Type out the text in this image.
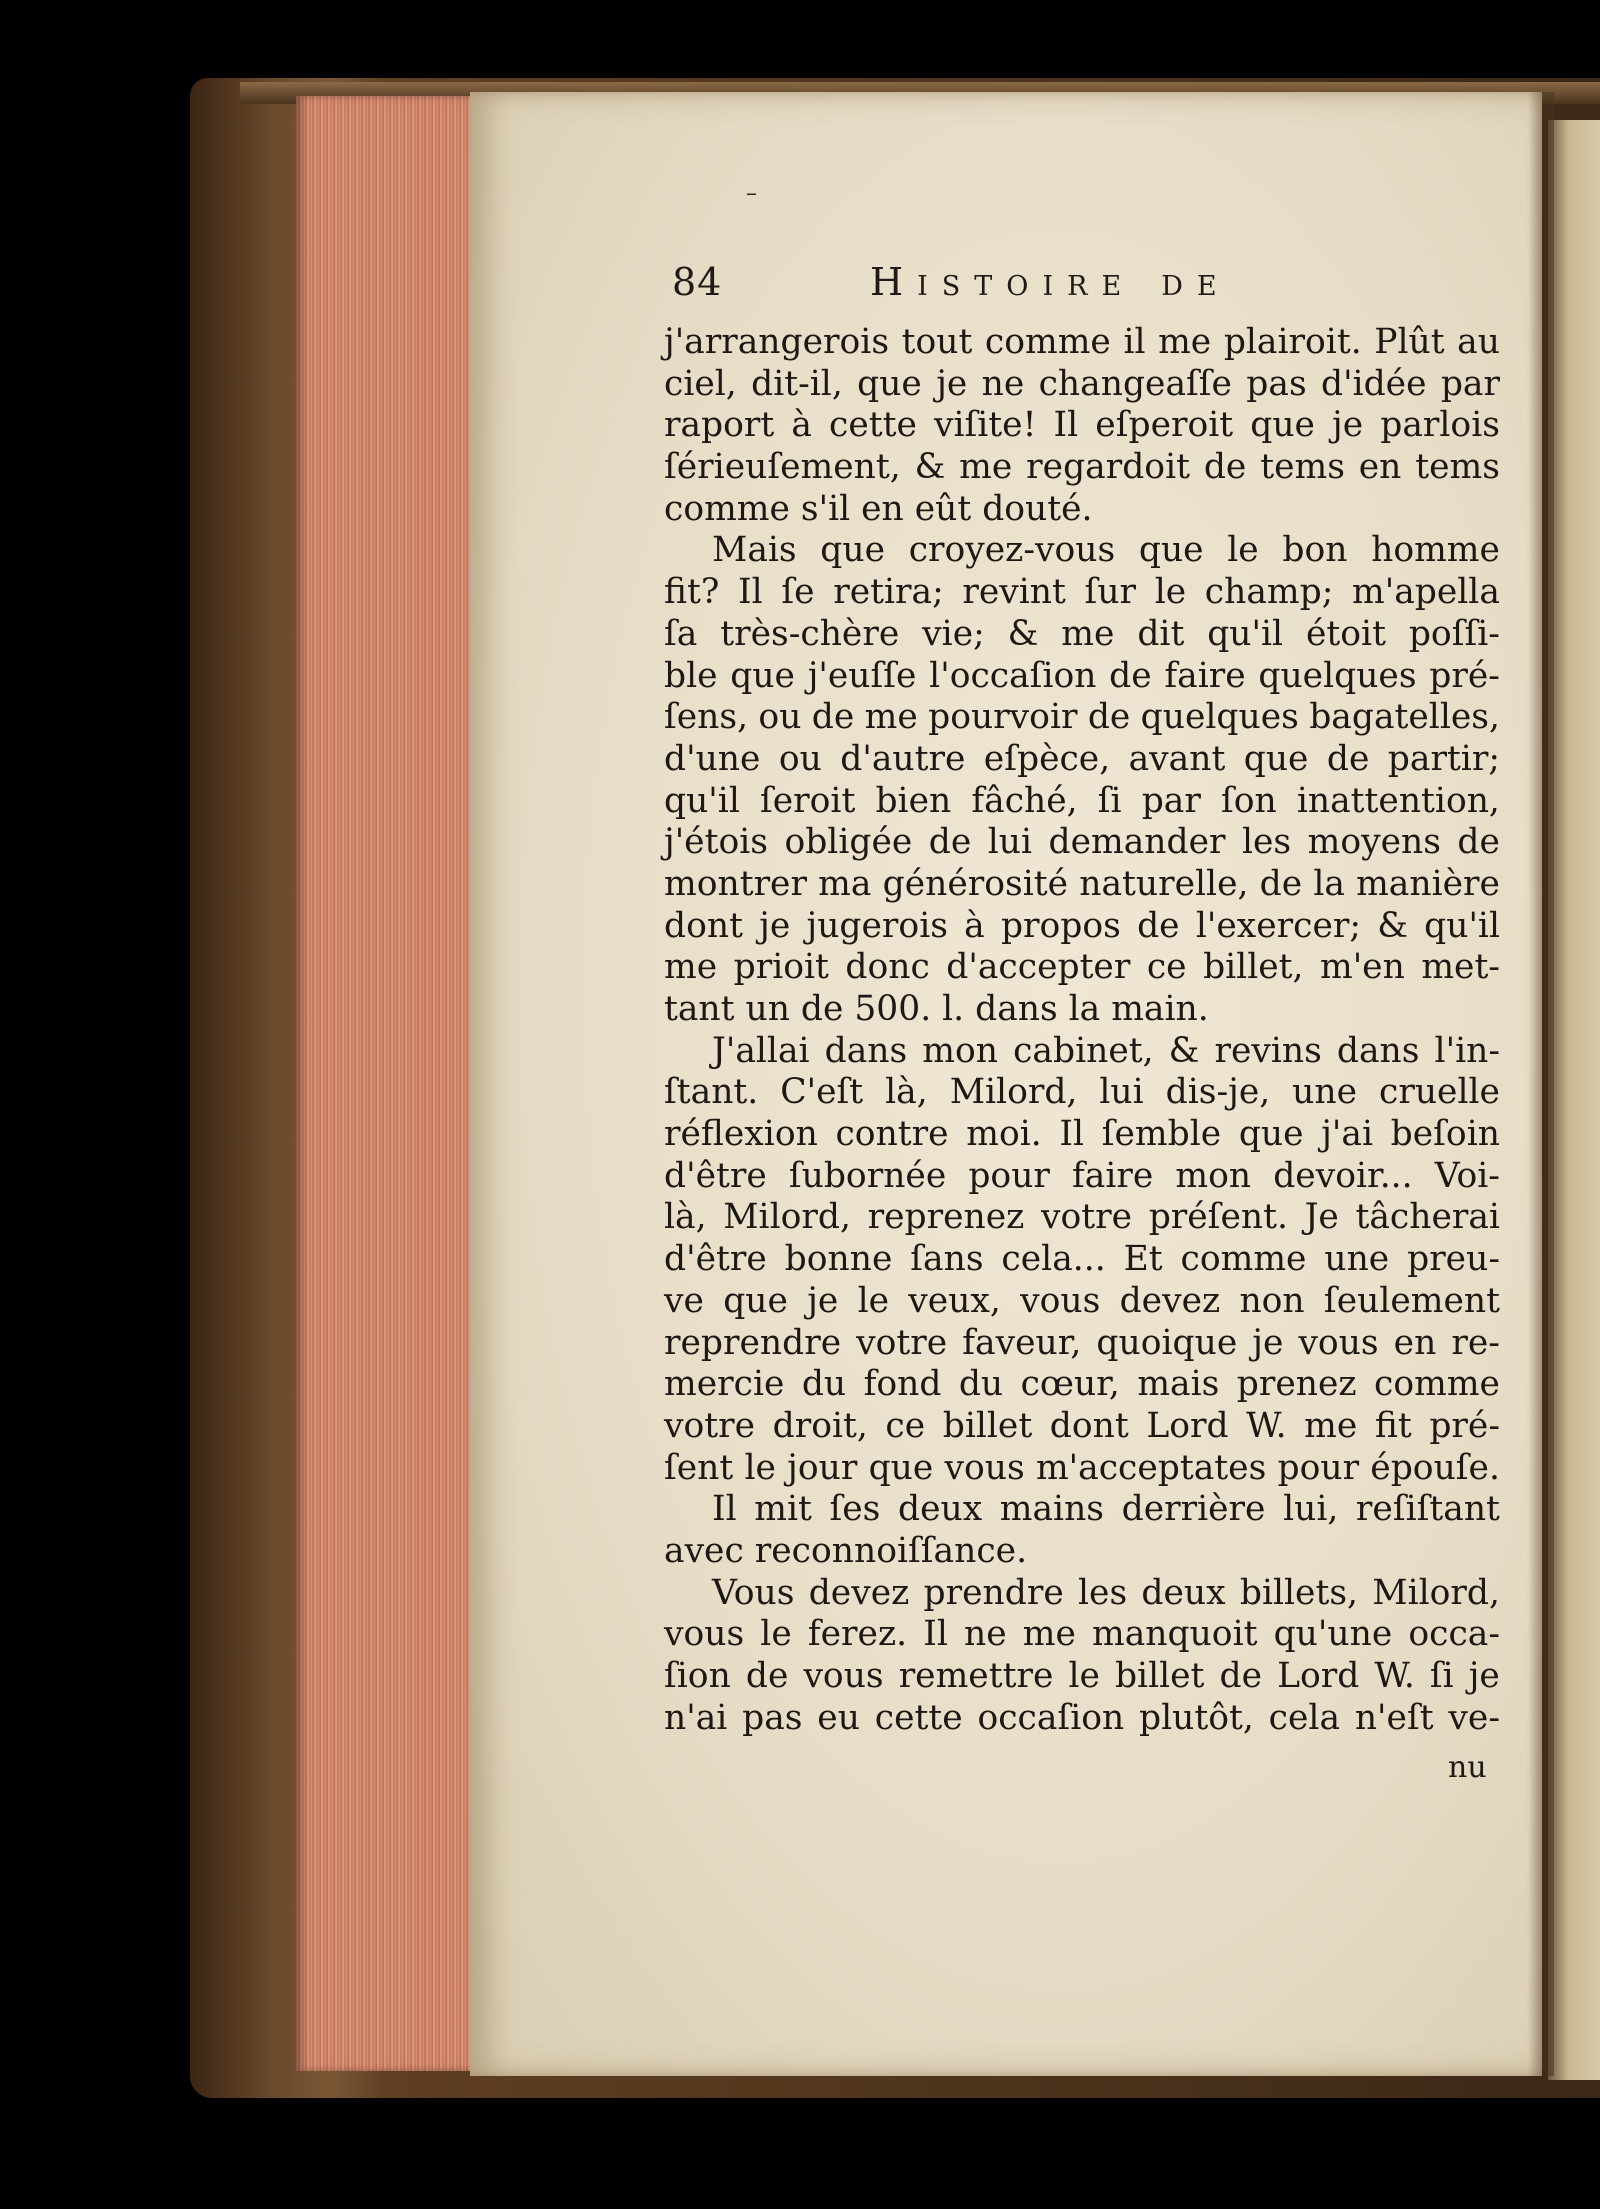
–
84	Histoire de
j'arrangerois tout comme il me plairoit. Plût au
ciel, dit-il, que je ne changeaſſe pas d'idée par
raport à cette viſite! Il eſperoit que je parlois
ſérieuſement, & me regardoit de tems en tems
comme s'il en eût douté.
Mais que croyez-vous que le bon homme
fit? Il ſe retira; revint ſur le champ; m'apella
ſa très-chère vie; & me dit qu'il étoit poſſi-
ble que j'euſſe l'occaſion de faire quelques pré-
ſens, ou de me pourvoir de quelques bagatelles,
d'une ou d'autre eſpèce, avant que de partir;
qu'il ſeroit bien fâché, ſi par ſon inattention,
j'étois obligée de lui demander les moyens de
montrer ma générosité naturelle, de la manière
dont je jugerois à propos de l'exercer; & qu'il
me prioit donc d'accepter ce billet, m'en met-
tant un de 500. l. dans la main.
J'allai dans mon cabinet, & revins dans l'in-
ſtant. C'eſt là, Milord, lui dis-je, une cruelle
réflexion contre moi. Il ſemble que j'ai beſoin
d'être ſubornée pour faire mon devoir... Voi-
là, Milord, reprenez votre préſent. Je tâcherai
d'être bonne ſans cela... Et comme une preu-
ve que je le veux, vous devez non ſeulement
reprendre votre faveur, quoique je vous en re-
mercie du fond du cœur, mais prenez comme
votre droit, ce billet dont Lord W. me fit pré-
ſent le jour que vous m'acceptates pour épouſe.
Il mit ſes deux mains derrière lui, reſiſtant
avec reconnoiſſance.
Vous devez prendre les deux billets, Milord,
vous le ferez. Il ne me manquoit qu'une occa-
ſion de vous remettre le billet de Lord W. ſi je
n'ai pas eu cette occaſion plutôt, cela n'eſt ve-
nu
